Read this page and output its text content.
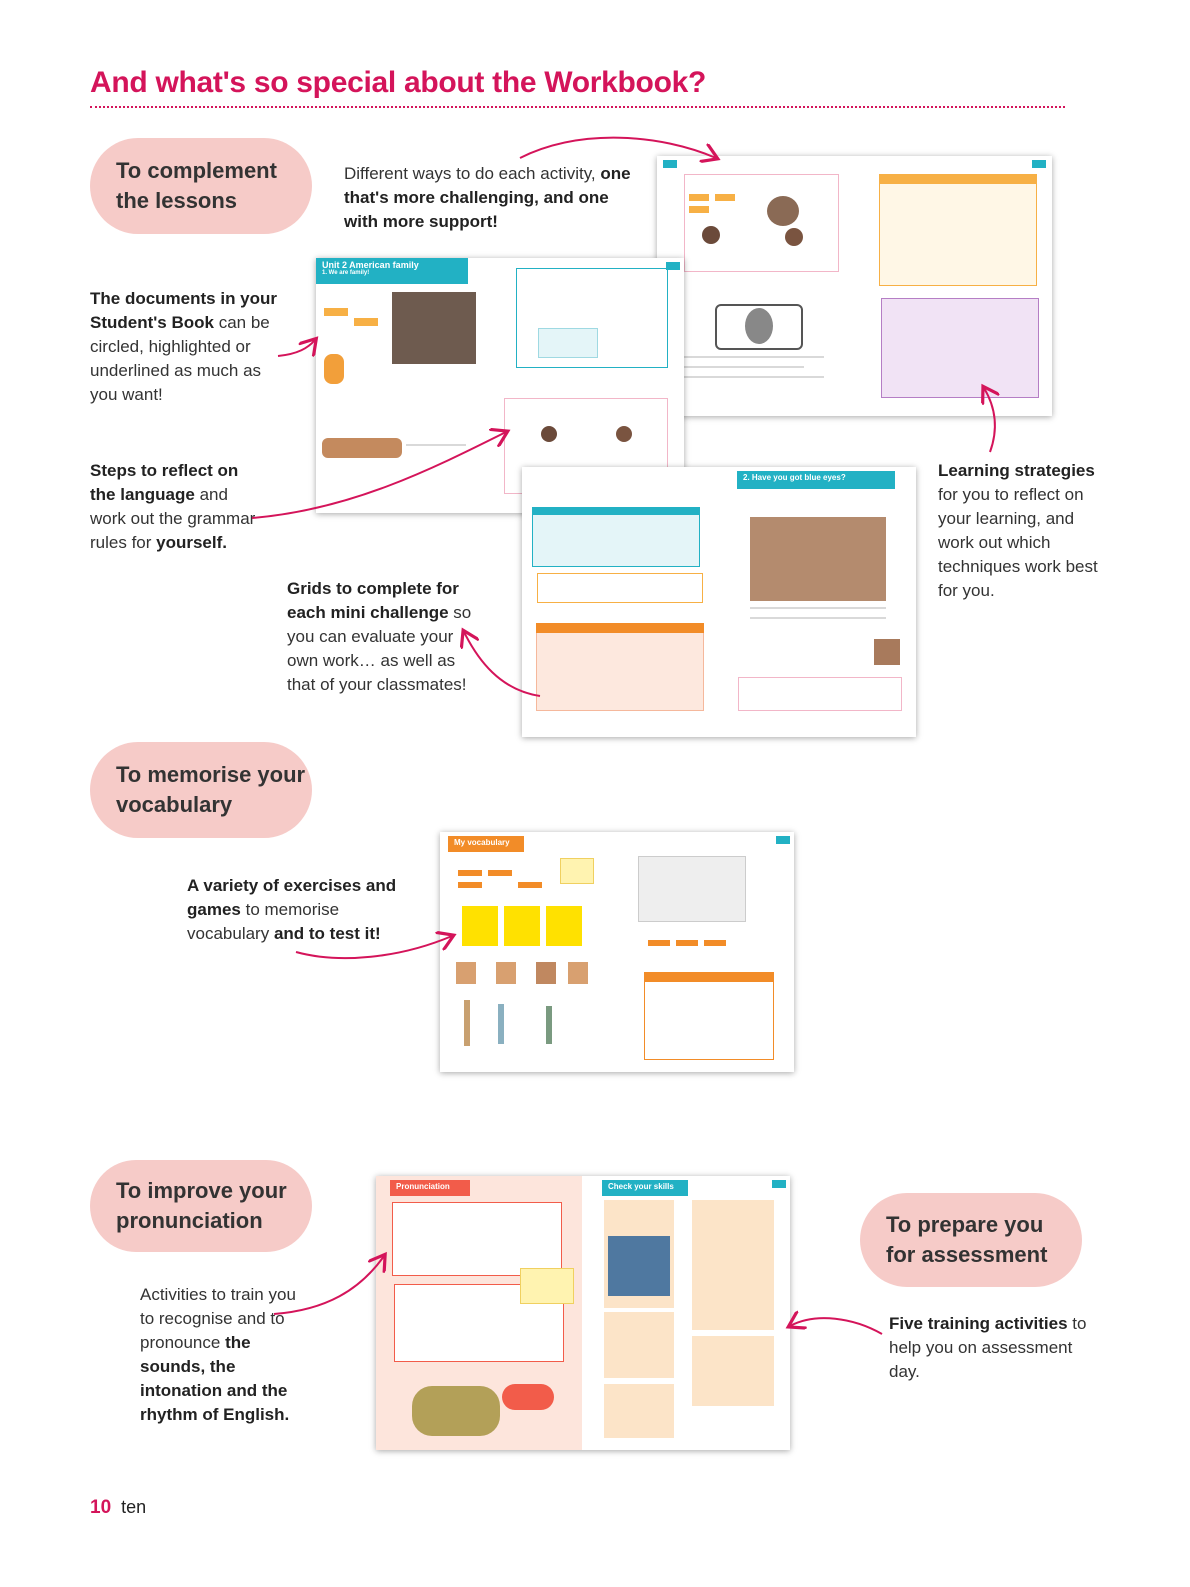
And what's so special about the Workbook?
To complement
the lessons
To memorise your
vocabulary
To improve your
pronunciation	To prepare you
for assessment
Different ways to do each activity, one that's more challenging, and one with more support!
The documents in your Student's Book can be circled, highlighted or underlined as much as you want!
Steps to reflect on the language and work out the grammar rules for yourself.
Grids to complete for each mini challenge so you can evaluate your own work… as well as that of your classmates!
Learning strategies for you to reflect on your learning, and work out which techniques work best for you.
A variety of exercises and games to memorise vocabulary and to test it!
Activities to train you to recognise and to pronounce the sounds, the intonation and the rhythm of English.
Five training activities to help you on assessment day.
Unit 2 American family
1. We are family!
2. Have you got blue eyes?
My vocabulary
Pronunciation	Check your skills
10 ten
